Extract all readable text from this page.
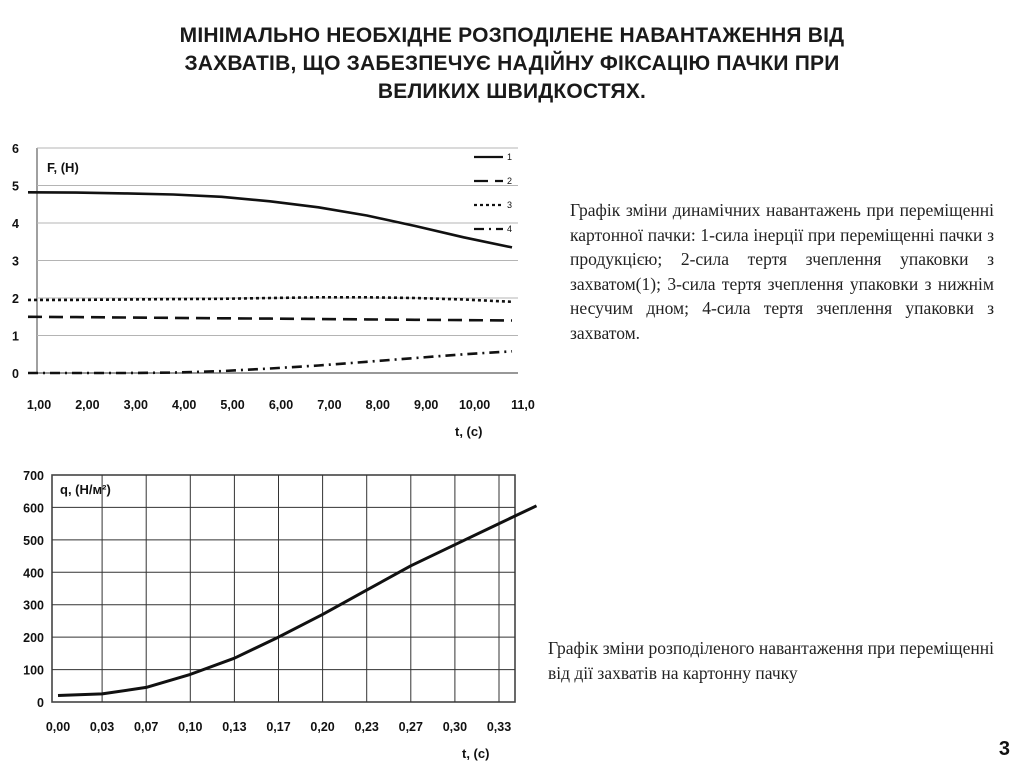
МІНІМАЛЬНО НЕОБХІДНЕ РОЗПОДІЛЕНЕ НАВАНТАЖЕННЯ ВІД
ЗАХВАТІВ, ЩО ЗАБЕЗПЕЧУЄ НАДІЙНУ ФІКСАЦІЮ ПАЧКИ ПРИ
ВЕЛИКИХ ШВИДКОСТЯХ.
0
1
2
3
4
5
6
1,00 2,00 3,00 4,00 5,00 6,00 7,00 8,00 9,00 10,00 11,0
F, (Н)
t, (с)
1
2
3
4
0
100
200
300
400
500
600
700
0,00 0,03 0,07 0,10 0,13 0,17 0,20 0,23 0,27 0,30 0,33
q, (Н/м²)
t, (с)
Графік зміни динамічних навантажень при переміщенні картонної пачки: 1-сила інерції при переміщенні пачки з продукцією; 2-сила тертя зчеплення упаковки з захватом(1); 3-сила тертя зчеплення упаковки з нижнім несучим дном; 4-сила тертя зчеплення упаковки з захватом.
Графік зміни розподіленого навантаження при переміщенні від дії захватів на картонну пачку
3
